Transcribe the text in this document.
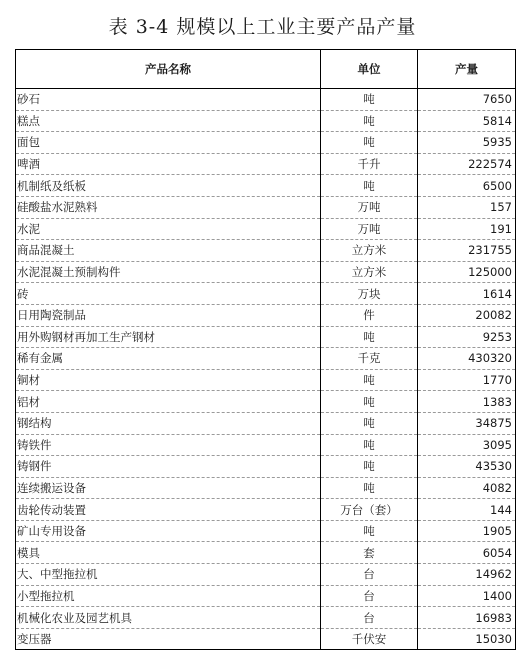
表 3-4 规模以上工业主要产品产量
产品名称	单位	产量
砂石	吨	7650
糕点	吨	5814
面包	吨	5935
啤酒	千升	222574
机制纸及纸板	吨	6500
硅酸盐水泥熟料	万吨	157
水泥	万吨	191
商品混凝土	立方米	231755
水泥混凝土预制构件	立方米	125000
砖	万块	1614
日用陶瓷制品	件	20082
用外购钢材再加工生产钢材	吨	9253
稀有金属	千克	430320
铜材	吨	1770
铝材	吨	1383
钢结构	吨	34875
铸铁件	吨	3095
铸钢件	吨	43530
连续搬运设备	吨	4082
齿轮传动装置	万台（套）	144
矿山专用设备	吨	1905
模具	套	6054
大、中型拖拉机	台	14962
小型拖拉机	台	1400
机械化农业及园艺机具	台	16983
变压器	千伏安	15030
